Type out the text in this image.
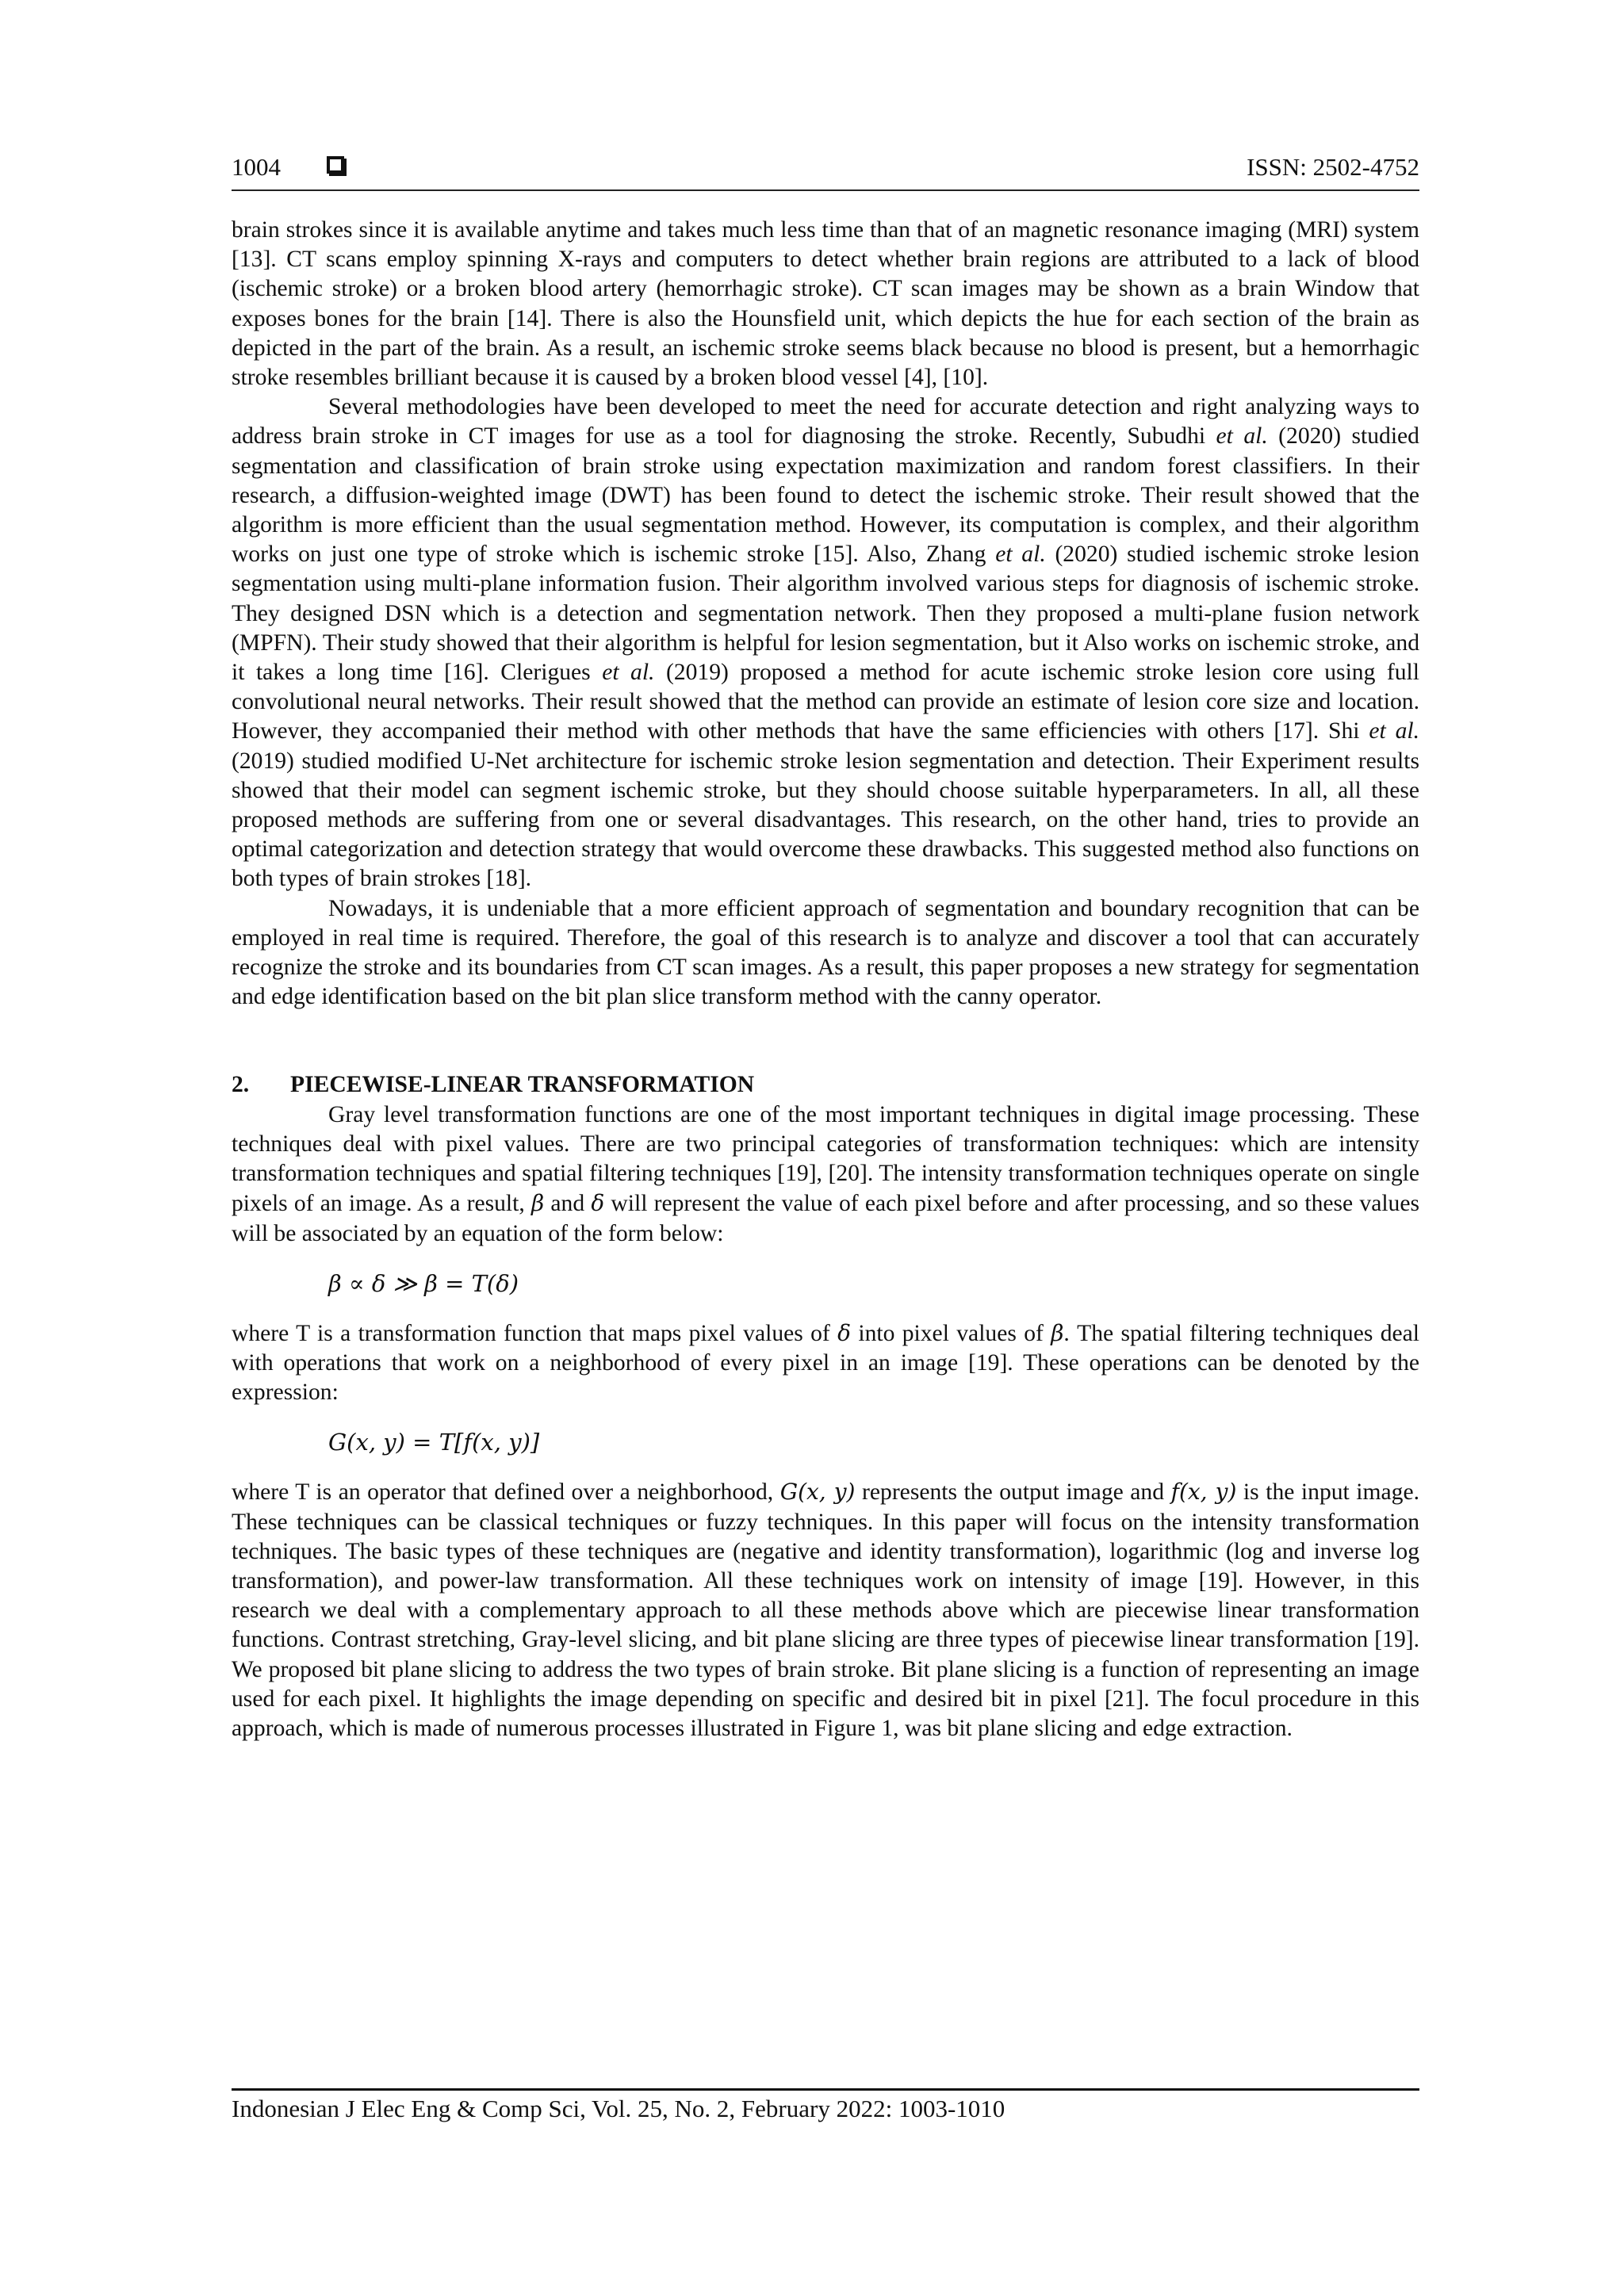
1004	ISSN: 2502-4752

brain strokes since it is available anytime and takes much less time than that of an magnetic resonance imaging (MRI) system [13]. CT scans employ spinning X-rays and computers to detect whether brain regions are attributed to a lack of blood (ischemic stroke) or a broken blood artery (hemorrhagic stroke). CT scan images may be shown as a brain Window that exposes bones for the brain [14]. There is also the Hounsfield unit, which depicts the hue for each section of the brain as depicted in the part of the brain. As a result, an ischemic stroke seems black because no blood is present, but a hemorrhagic stroke resembles brilliant because it is caused by a broken blood vessel [4], [10].

Several methodologies have been developed to meet the need for accurate detection and right analyzing ways to address brain stroke in CT images for use as a tool for diagnosing the stroke. Recently, Subudhi et al. (2020) studied segmentation and classification of brain stroke using expectation maximization and random forest classifiers. In their research, a diffusion-weighted image (DWT) has been found to detect the ischemic stroke. Their result showed that the algorithm is more efficient than the usual segmentation method. However, its computation is complex, and their algorithm works on just one type of stroke which is ischemic stroke [15]. Also, Zhang et al. (2020) studied ischemic stroke lesion segmentation using multi-plane information fusion. Their algorithm involved various steps for diagnosis of ischemic stroke. They designed DSN which is a detection and segmentation network. Then they proposed a multi-plane fusion network (MPFN). Their study showed that their algorithm is helpful for lesion segmentation, but it Also works on ischemic stroke, and it takes a long time [16]. Clerigues et al. (2019) proposed a method for acute ischemic stroke lesion core using full convolutional neural networks. Their result showed that the method can provide an estimate of lesion core size and location. However, they accompanied their method with other methods that have the same efficiencies with others [17]. Shi et al. (2019) studied modified U-Net architecture for ischemic stroke lesion segmentation and detection. Their Experiment results showed that their model can segment ischemic stroke, but they should choose suitable hyperparameters. In all, all these proposed methods are suffering from one or several disadvantages. This research, on the other hand, tries to provide an optimal categorization and detection strategy that would overcome these drawbacks. This suggested method also functions on both types of brain strokes [18].

Nowadays, it is undeniable that a more efficient approach of segmentation and boundary recognition that can be employed in real time is required. Therefore, the goal of this research is to analyze and discover a tool that can accurately recognize the stroke and its boundaries from CT scan images. As a result, this paper proposes a new strategy for segmentation and edge identification based on the bit plan slice transform method with the canny operator.

2. PIECEWISE-LINEAR TRANSFORMATION

Gray level transformation functions are one of the most important techniques in digital image processing. These techniques deal with pixel values. There are two principal categories of transformation techniques: which are intensity transformation techniques and spatial filtering techniques [19], [20]. The intensity transformation techniques operate on single pixels of an image. As a result, β and δ will represent the value of each pixel before and after processing, and so these values will be associated by an equation of the form below:

β ∝ δ ≫ β = T(δ)

where T is a transformation function that maps pixel values of δ into pixel values of β. The spatial filtering techniques deal with operations that work on a neighborhood of every pixel in an image [19]. These operations can be denoted by the expression:

G(x, y) = T[f(x, y)]

where T is an operator that defined over a neighborhood, G(x, y) represents the output image and f(x, y) is the input image. These techniques can be classical techniques or fuzzy techniques. In this paper will focus on the intensity transformation techniques. The basic types of these techniques are (negative and identity transformation), logarithmic (log and inverse log transformation), and power-law transformation. All these techniques work on intensity of image [19]. However, in this research we deal with a complementary approach to all these methods above which are piecewise linear transformation functions. Contrast stretching, Gray-level slicing, and bit plane slicing are three types of piecewise linear transformation [19]. We proposed bit plane slicing to address the two types of brain stroke. Bit plane slicing is a function of representing an image used for each pixel. It highlights the image depending on specific and desired bit in pixel [21]. The focul procedure in this approach, which is made of numerous processes illustrated in Figure 1, was bit plane slicing and edge extraction.

Indonesian J Elec Eng & Comp Sci, Vol. 25, No. 2, February 2022: 1003-1010
